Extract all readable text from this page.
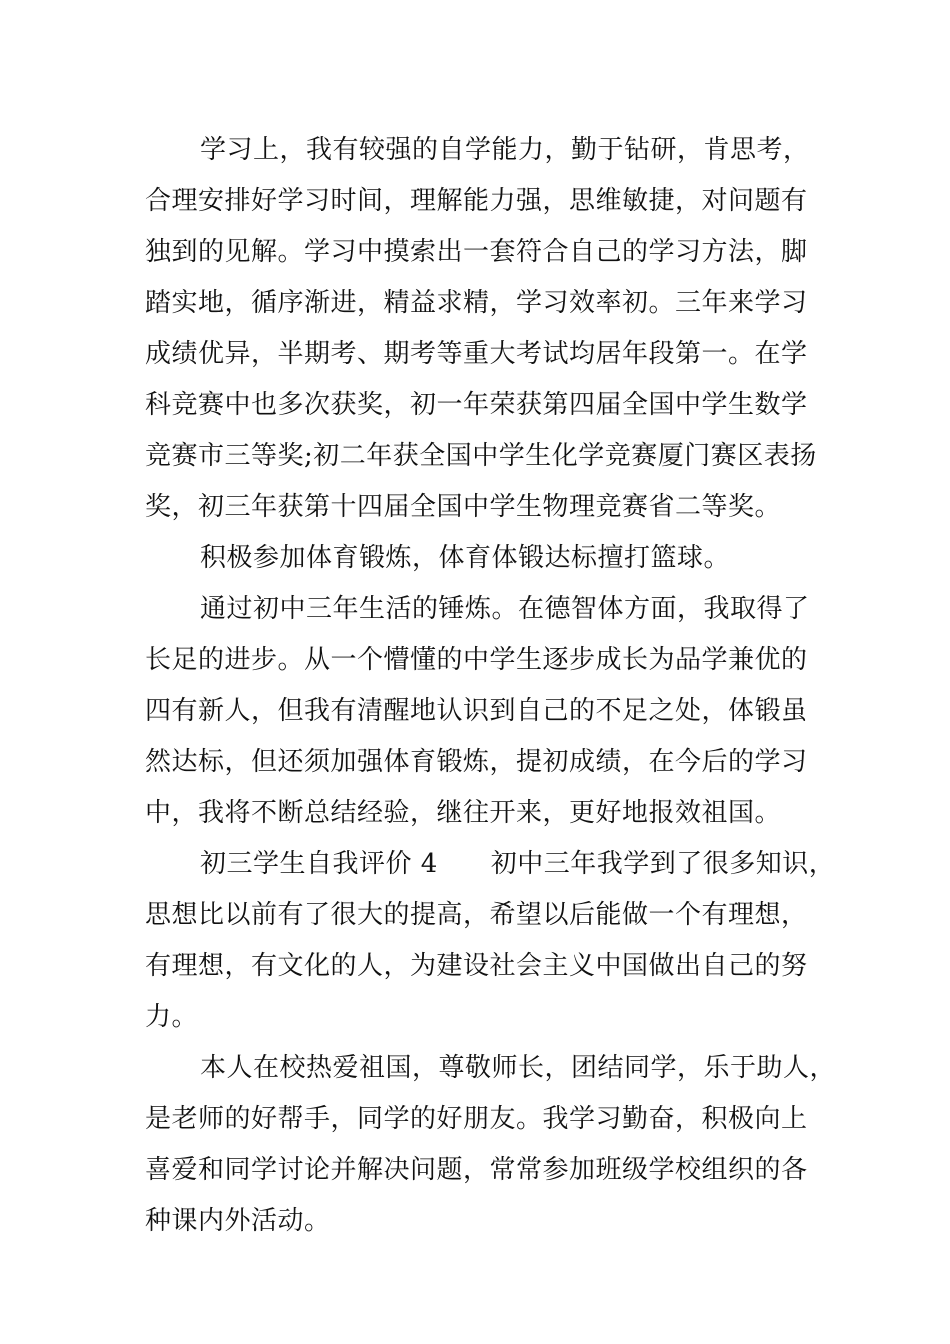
学习上，我有较强的自学能力，勤于钻研，肯思考，
合理安排好学习时间，理解能力强，思维敏捷，对问题有
独到的见解。学习中摸索出一套符合自己的学习方法，脚
踏实地，循序渐进，精益求精，学习效率初。三年来学习
成绩优异，半期考、期考等重大考试均居年段第一。在学
科竞赛中也多次获奖，初一年荣获第四届全国中学生数学
竞赛市三等奖;初二年获全国中学生化学竞赛厦门赛区表扬
奖，初三年获第十四届全国中学生物理竞赛省二等奖。
积极参加体育锻炼，体育体锻达标擅打篮球。
通过初中三年生活的锤炼。在德智体方面，我取得了
长足的进步。从一个懵懂的中学生逐步成长为品学兼优的
四有新人，但我有清醒地认识到自己的不足之处，体锻虽
然达标，但还须加强体育锻炼，提初成绩，在今后的学习
中，我将不断总结经验，继往开来，更好地报效祖国。
初三学生自我评价 4　　初中三年我学到了很多知识，
思想比以前有了很大的提高，希望以后能做一个有理想，
有理想，有文化的人，为建设社会主义中国做出自己的努
力。
本人在校热爱祖国，尊敬师长，团结同学，乐于助人，
是老师的好帮手，同学的好朋友。我学习勤奋，积极向上
喜爱和同学讨论并解决问题，常常参加班级学校组织的各
种课内外活动。
